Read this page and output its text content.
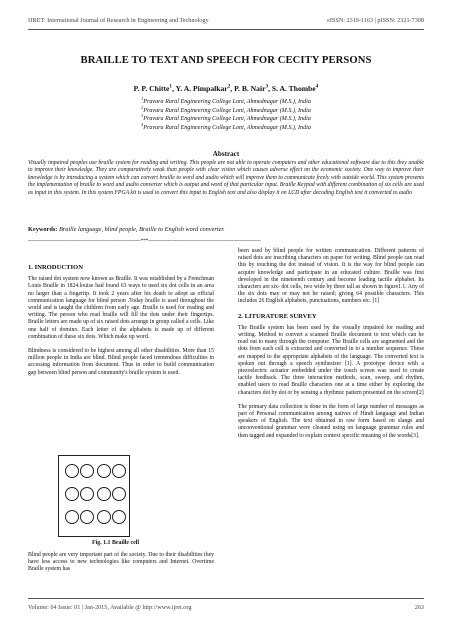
IJRET: International Journal of Research in Engineering and Technology	eISSN: 2319-1163 | pISSN: 2321-7308
BRAILLE TO TEXT AND SPEECH FOR CECITY PERSONS
P. P. Chitte$^1$, Y. A. Pimpalkar$^2$, P. B. Nair$^3$, S. A. Thombe$^4$
$^1$Pravara Rural Engineering College Loni, Ahmednagar (M.S.), India
$^2$Pravara Rural Engineering College Loni, Ahmednagar (M.S.), India
$^3$Pravara Rural Engineering College Loni, Ahmednagar (M.S.), India
$^4$Pravara Rural Engineering College Loni, Ahmednagar (M.S.), India
Abstract
Visually impaired peoples use braille system for reading and writing. This people are not able to operate computers and other educational software due to this they unable to improve their knowledge. They are comparatively weak than people with clear vision which causes adverse effect on the economic society. One way to improve their knowledge is by introducing a system which can convert braille to word and audio which will improve them to communicate freely with outside world. This system presents the implementation of braille to word and audio converter which is output and word of that particular input. Braille Keypad with different combination of six cells are used as input in this system. In this system FPGA kit is used to convert this input to English text and also display it on LCD after decoding English text it converted to audio
Keywords: Braille language, blind people, Braille to English word converter.
---------------------------------------------------------------------***---------------------------------------------------------------------
1. INRODUCTION

The raised dot system now known as Braille. It was established by a Frenchman Louis Braille in 1824.louise had found 63 ways to used six dot cells in an area no larger than a fingertip. It took 2 years after his death to adopt as official communication language for blind person .Today braille is used throughout the world and is taught the children from early age. Braille is used for reading and writing. The person who read braille will fill the dots under their fingertips. Braille letters are made up of six raised dots arrange in group called a cells. Like one half of domino. Each letter of the alphabets is made up of different combination of these six dots. Which make up word.

Blindness is considered to be highest among all other disabilities. More than 15 million people in India are blind. Blind people faced tremendous difficulties in accessing information from document. Thus in order to build communication gap between blind person and community's braille system is used.

Fig. 1.1 Braille cell

Blind people are very important part of the society. Due to their disabilities they have less access to new technologies like computers and Internet. Overtime Braille system has

been used by blind people for written communication. Different patterns of raised dots are inscribing characters on paper for writing. Blind people can read this by touching the dot instead of vision. It is the way for blind people can acquire knowledge and participate in an educated culture. Braille was first developed in the nineteenth century and become leading tactile alphabet. Its characters are six- dot cells, two wide by three tall as shown in figure1.1. Any of the six dots may or may not be raised; giving 64 possible characters. This includes 26 English alphabets, punctuations, numbers etc. [1]

2. LITURATURE SURVEY

The Braille system has been used by the visually impaired for reading and writing. Method to convert a scanned Braille document to text which can be read out to many through the computer. The Braille cells are segmented and the dots from each cell is extracted and converted in to a number sequence. These are mapped to the appropriate alphabets of the language. The converted text is spoken out through a speech synthesizer [1]. A prototype device with a piezoelectric actuator embedded under the touch screen was used to create tactile feedback. The three interaction methods, scan, sweep, and rhythm, enabled users to read Braille characters one at a time either by exploring the characters dot by dot or by sensing a rhythmic pattern presented on the screen[2]

The primary data collection is done in the form of large number of messages as part of Personal communication among natives of Hindi language and Indian speakers of English. The text obtained in raw form based on slangs and unconventional grammar were cleaned using on language grammar rules and then tagged and expanded to explain context specific meaning of the words[3].

Volume: 04 Issue: 01 | Jan-2015, Available @ http://www.ijret.org	263
